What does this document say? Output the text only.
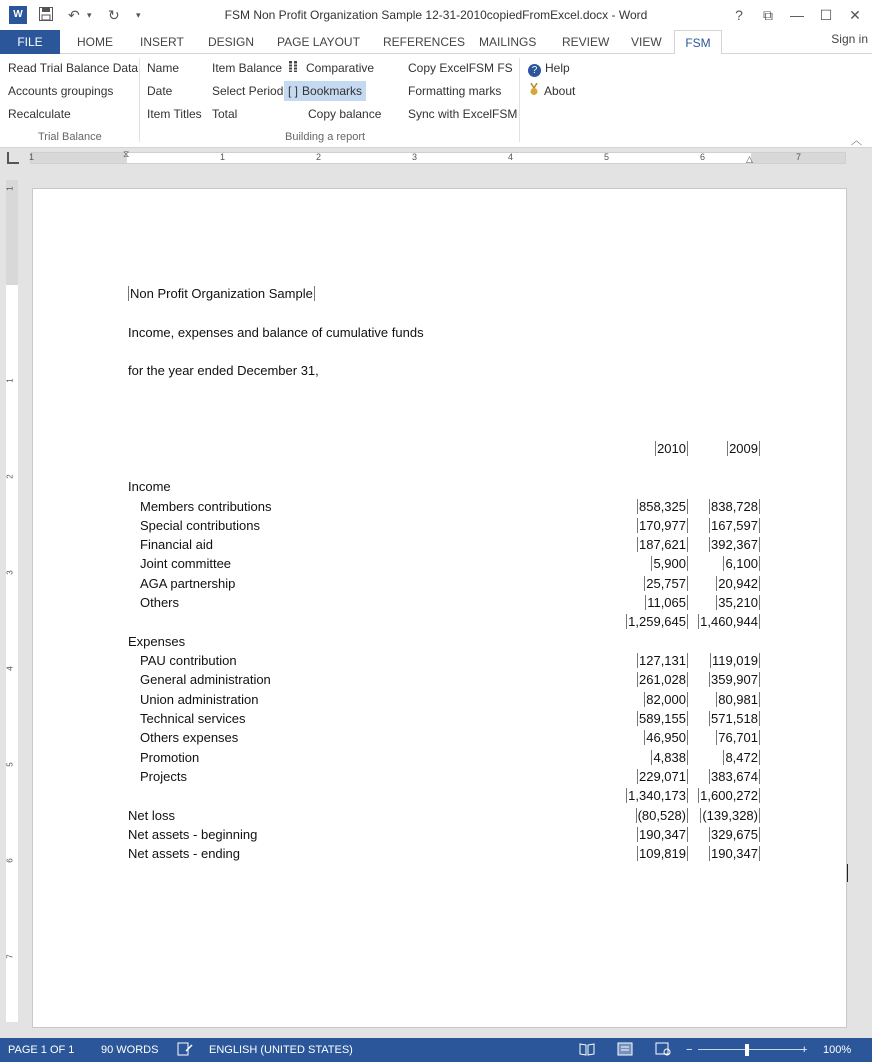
W	↶ ▾ ↻ ▾	FSM Non Profit Organization Sample 12-31-2010copiedFromExcel.docx - Word	?	⧉	—	☐	✕
FILE	HOME INSERT DESIGN PAGE LAYOUT REFERENCES MAILINGS REVIEW VIEW	FSM	Sign in
Read Trial Balance Data
Accounts groupings
Recalculate
Trial Balance
Name
Date
Item Titles
Item Balance
Select Period
Total
Comparative
[ ] Bookmarks
Copy balance
Copy ExcelFSM FS
Formatting marks
Sync with ExcelFSM
Building a report
? Help
About
︿
1	1	2	3	4	5	6	7
⧖	△
1
1
2
3
4
5
6
7
Non Profit Organization Sample
Income, expenses and balance of cumulative funds
for the year ended December 31,
2010	2009
Income
Members contributions	858,325 838,728
Special contributions	170,977 167,597
Financial aid	187,621 392,367
Joint committee	5,900	6,100
AGA partnership	25,757 20,942
Others	11,065 35,210
1,259,645 1,460,944
Expenses
PAU contribution	127,131 119,019
General administration	261,028 359,907
Union administration	82,000 80,981
Technical services	589,155 571,518
Others expenses	46,950 76,701
Promotion	4,838	8,472
Projects	229,071 383,674
1,340,173 1,600,272
Net loss	(80,528) (139,328)
Net assets - beginning	190,347 329,675
Net assets - ending	109,819 190,347
PAGE 1 OF 1 90 WORDS	ENGLISH (UNITED STATES)	−	+ 100%
